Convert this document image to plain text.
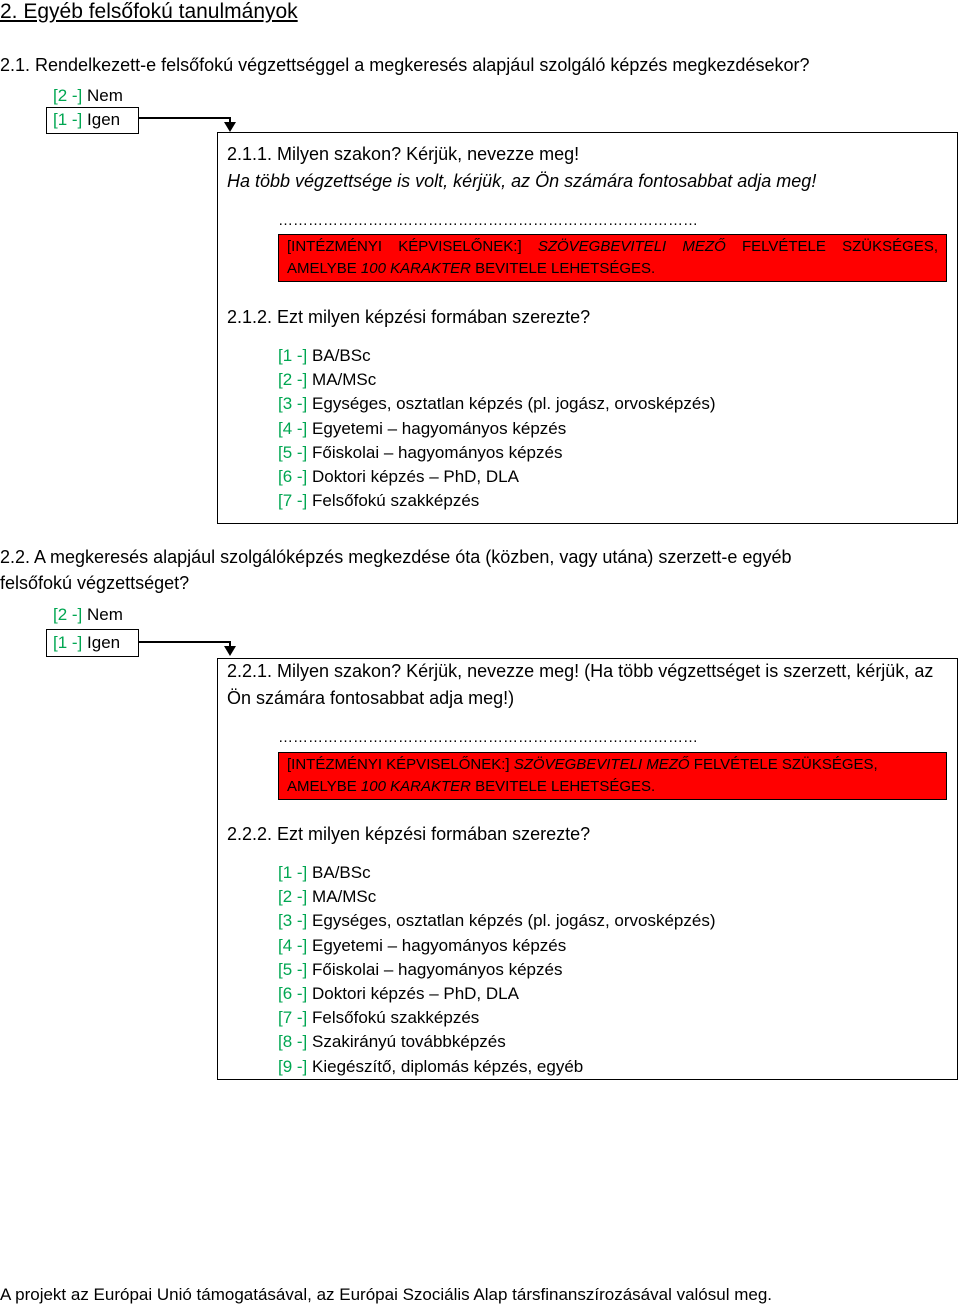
2. Egyéb felsőfokú tanulmányok
2.1. Rendelkezett-e felsőfokú végzettséggel a megkeresés alapjául szolgáló képzés megkezdésekor?
[2 -] Nem
[1 -] Igen
2.1.1. Milyen szakon? Kérjük, nevezze meg!
Ha több végzettsége is volt, kérjük, az Ön számára fontosabbat adja meg!
…………………………………………………………………………
[INTÉZMÉNYI KÉPVISELŐNEK:] SZÖVEGBEVITELI MEZŐ FELVÉTELE SZÜKSÉGES, AMELYBE 100 KARAKTER BEVITELE LEHETSÉGES.
2.1.2. Ezt milyen képzési formában szerezte?
[1 -] BA/BSc
[2 -] MA/MSc
[3 -] Egységes, osztatlan képzés (pl. jogász, orvosképzés)
[4 -] Egyetemi – hagyományos képzés
[5 -] Főiskolai – hagyományos képzés
[6 -] Doktori képzés – PhD, DLA
[7 -] Felsőfokú szakképzés
2.2. A megkeresés alapjául szolgálóképzés megkezdése óta (közben, vagy utána) szerzett-e egyéb
felsőfokú végzettséget?
[2 -] Nem
[1 -] Igen
2.2.1. Milyen szakon? Kérjük, nevezze meg! (Ha több végzettséget is szerzett, kérjük, az
Ön számára fontosabbat adja meg!)
…………………………………………………………………………
[INTÉZMÉNYI KÉPVISELŐNEK:] SZÖVEGBEVITELI MEZŐ FELVÉTELE SZÜKSÉGES,
AMELYBE 100 KARAKTER BEVITELE LEHETSÉGES.
2.2.2. Ezt milyen képzési formában szerezte?
[1 -] BA/BSc
[2 -] MA/MSc
[3 -] Egységes, osztatlan képzés (pl. jogász, orvosképzés)
[4 -] Egyetemi – hagyományos képzés
[5 -] Főiskolai – hagyományos képzés
[6 -] Doktori képzés – PhD, DLA
[7 -] Felsőfokú szakképzés
[8 -] Szakirányú továbbképzés
[9 -] Kiegészítő, diplomás képzés, egyéb
A projekt az Európai Unió támogatásával, az Európai Szociális Alap társfinanszírozásával valósul meg.
